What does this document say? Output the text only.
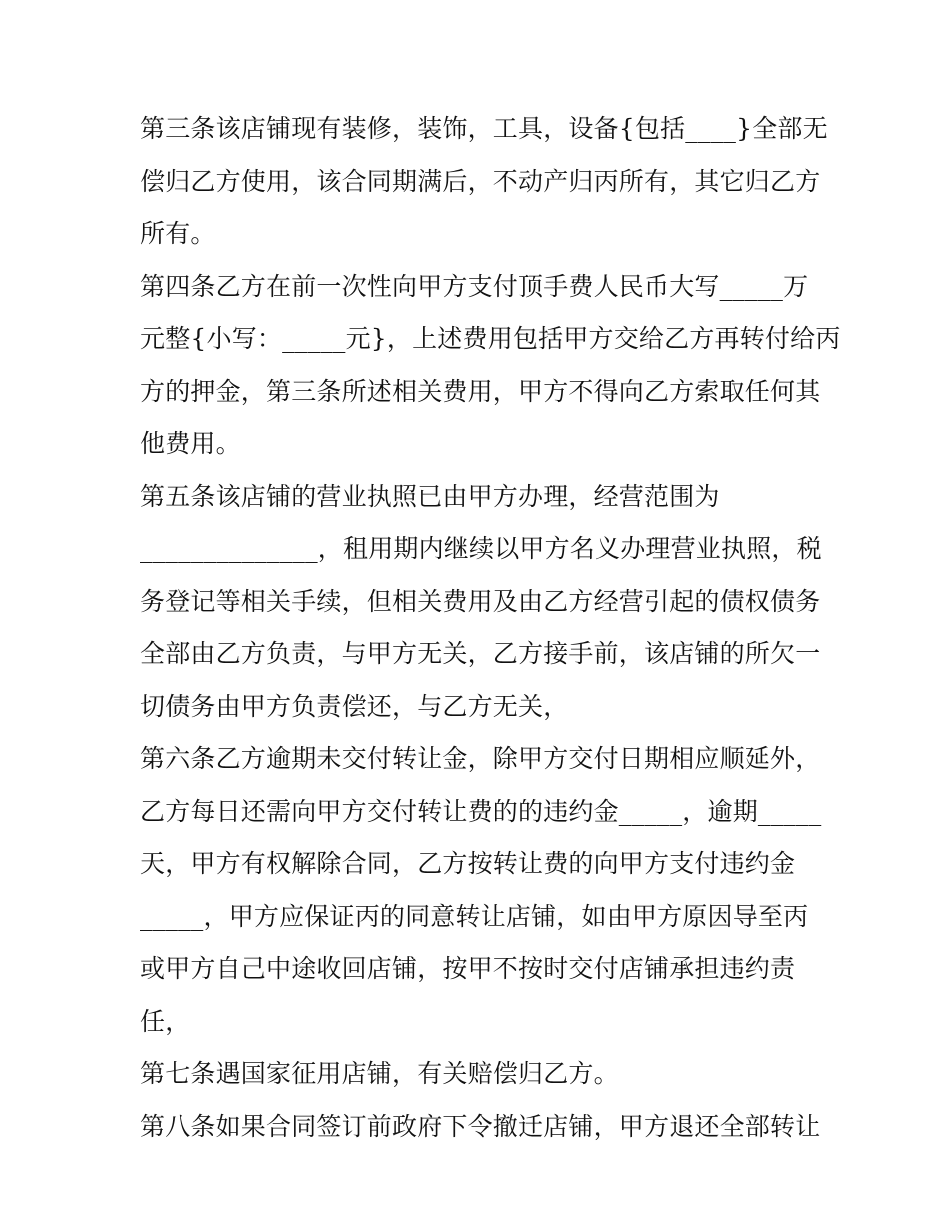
第三条该店铺现有装修，装饰，工具，设备{包括____}全部无
偿归乙方使用，该合同期满后，不动产归丙所有，其它归乙方
所有。
第四条乙方在前一次性向甲方支付顶手费人民币大写_____万
元整{小写：_____元}，上述费用包括甲方交给乙方再转付给丙
方的押金，第三条所述相关费用，甲方不得向乙方索取任何其
他费用。
第五条该店铺的营业执照已由甲方办理，经营范围为
______________，租用期内继续以甲方名义办理营业执照，税
务登记等相关手续，但相关费用及由乙方经营引起的债权债务
全部由乙方负责，与甲方无关，乙方接手前，该店铺的所欠一
切债务由甲方负责偿还，与乙方无关，
第六条乙方逾期未交付转让金，除甲方交付日期相应顺延外，
乙方每日还需向甲方交付转让费的的违约金_____，逾期_____
天，甲方有权解除合同，乙方按转让费的向甲方支付违约金
_____，甲方应保证丙的同意转让店铺，如由甲方原因导至丙
或甲方自己中途收回店铺，按甲不按时交付店铺承担违约责
任，
第七条遇国家征用店铺，有关赔偿归乙方。
第八条如果合同签订前政府下令撤迁店铺，甲方退还全部转让
